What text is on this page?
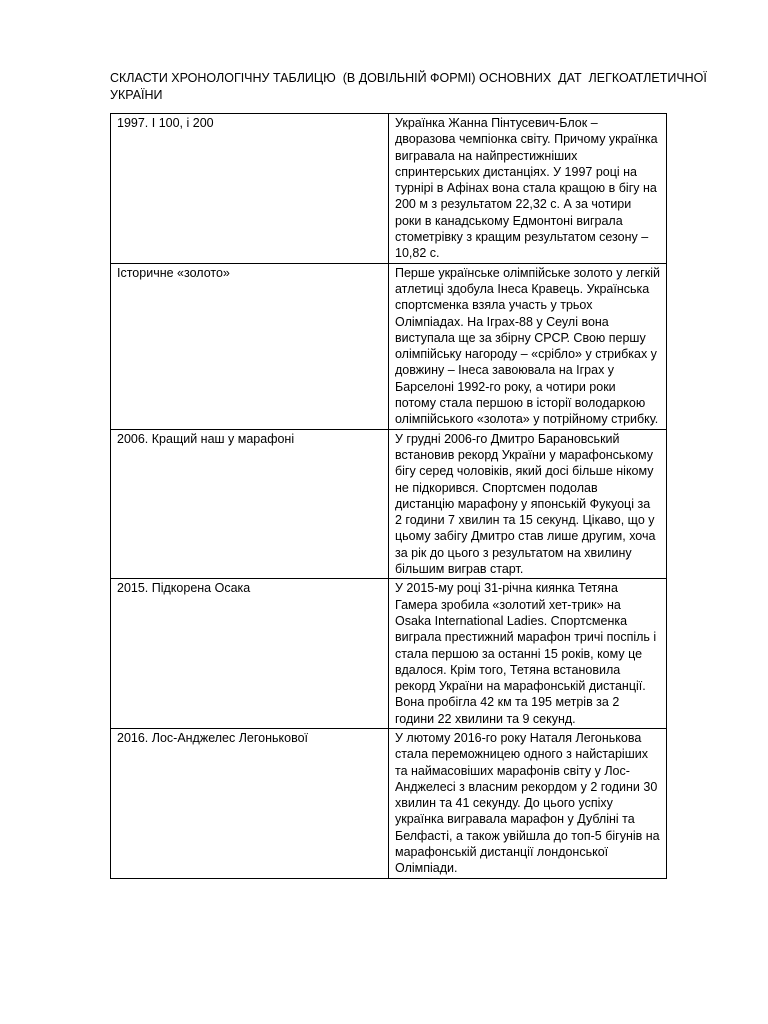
СКЛАСТИ ХРОНОЛОГІЧНУ ТАБЛИЦЮ  (В ДОВІЛЬНІЙ ФОРМІ) ОСНОВНИХ  ДАТ  ЛЕГКОАТЛЕТИЧНОЇ УКРАЇНИ
1997. І 100, і 200	Українка Жанна Пінтусевич-Блок – дворазова чемпіонка світу. Причому українка вигравала на найпрестижніших спринтерських дистанціях. У 1997 році на турнірі в Афінах вона стала кращою в бігу на 200 м з результатом 22,32 с. А за чотири роки в канадському Едмонтоні виграла стометрівку з кращим результатом сезону – 10,82 с.
Історичне «золото»	Перше українське олімпійське золото у легкій атлетиці здобула Інеса Кравець. Українська спортсменка взяла участь у трьох Олімпіадах. На Іграх-88 у Сеулі вона виступала ще за збірну СРСР. Свою першу олімпійську нагороду – «срібло» у стрибках у довжину – Інеса завоювала на Іграх у Барселоні 1992-го року, а чотири роки потому стала першою в історії володаркою олімпійського «золота» у потрійному стрибку.
2006. Кращий наш у марафоні	У грудні 2006-го Дмитро Барановський встановив рекорд України у марафонському бігу серед чоловіків, який досі більше нікому не підкорився. Спортсмен подолав дистанцію марафону у японській Фукуоці за 2 години 7 хвилин та 15 секунд. Цікаво, що у цьому забігу Дмитро став лише другим, хоча за рік до цього з результатом на хвилину більшим виграв старт.
2015. Підкорена Осака	У 2015-му році 31-річна киянка Тетяна Гамера зробила «золотий хет-трик» на Osaka International Ladies. Спортсменка виграла престижний марафон тричі поспіль і стала першою за останні 15 років, кому це вдалося. Крім того, Тетяна встановила рекорд України на марафонській дистанції. Вона пробігла 42 км та 195 метрів за 2 години 22 хвилини та 9 секунд.
2016. Лос-Анджелес Легонькової	У лютому 2016-го року Наталя Легонькова стала переможницею одного з найстаріших та наймасовіших марафонів світу у Лос-Анджелесі з власним рекордом у 2 години 30 хвилин та 41 секунду. До цього успіху українка вигравала марафон у Дубліні та Белфасті, а також увійшла до топ-5 бігунів на марафонській дистанції лондонської Олімпіади.
